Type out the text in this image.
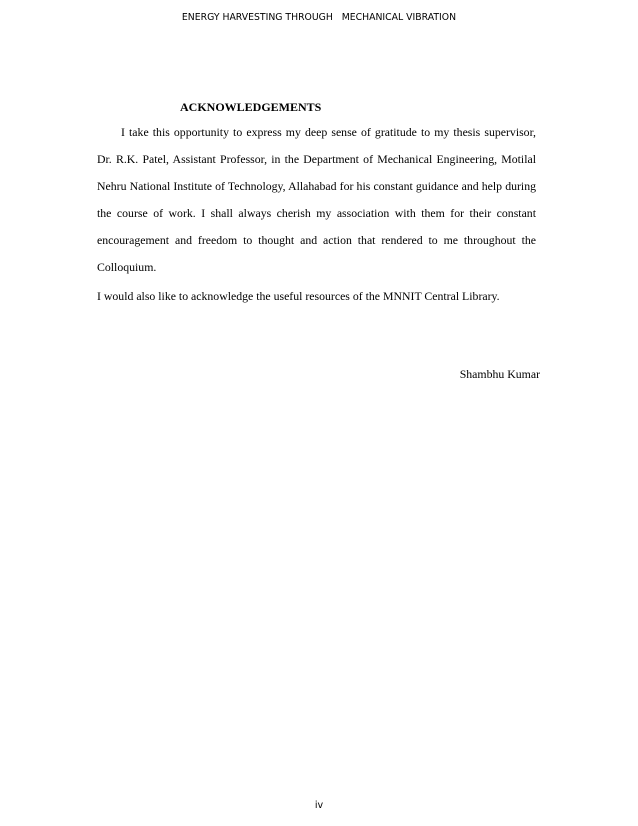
ENERGY HARVESTING THROUGH   MECHANICAL VIBRATION
ACKNOWLEDGEMENTS

I take this opportunity to express my deep sense of gratitude to my thesis supervisor, Dr. R.K. Patel, Assistant Professor, in the Department of Mechanical Engineering, Motilal Nehru National Institute of Technology, Allahabad for his constant guidance and help during the course of work. I shall always cherish my association with them for their constant encouragement and freedom to thought and action that rendered to me throughout the Colloquium.

I would also like to acknowledge the useful resources of the MNNIT Central Library.

Shambhu Kumar
iv
